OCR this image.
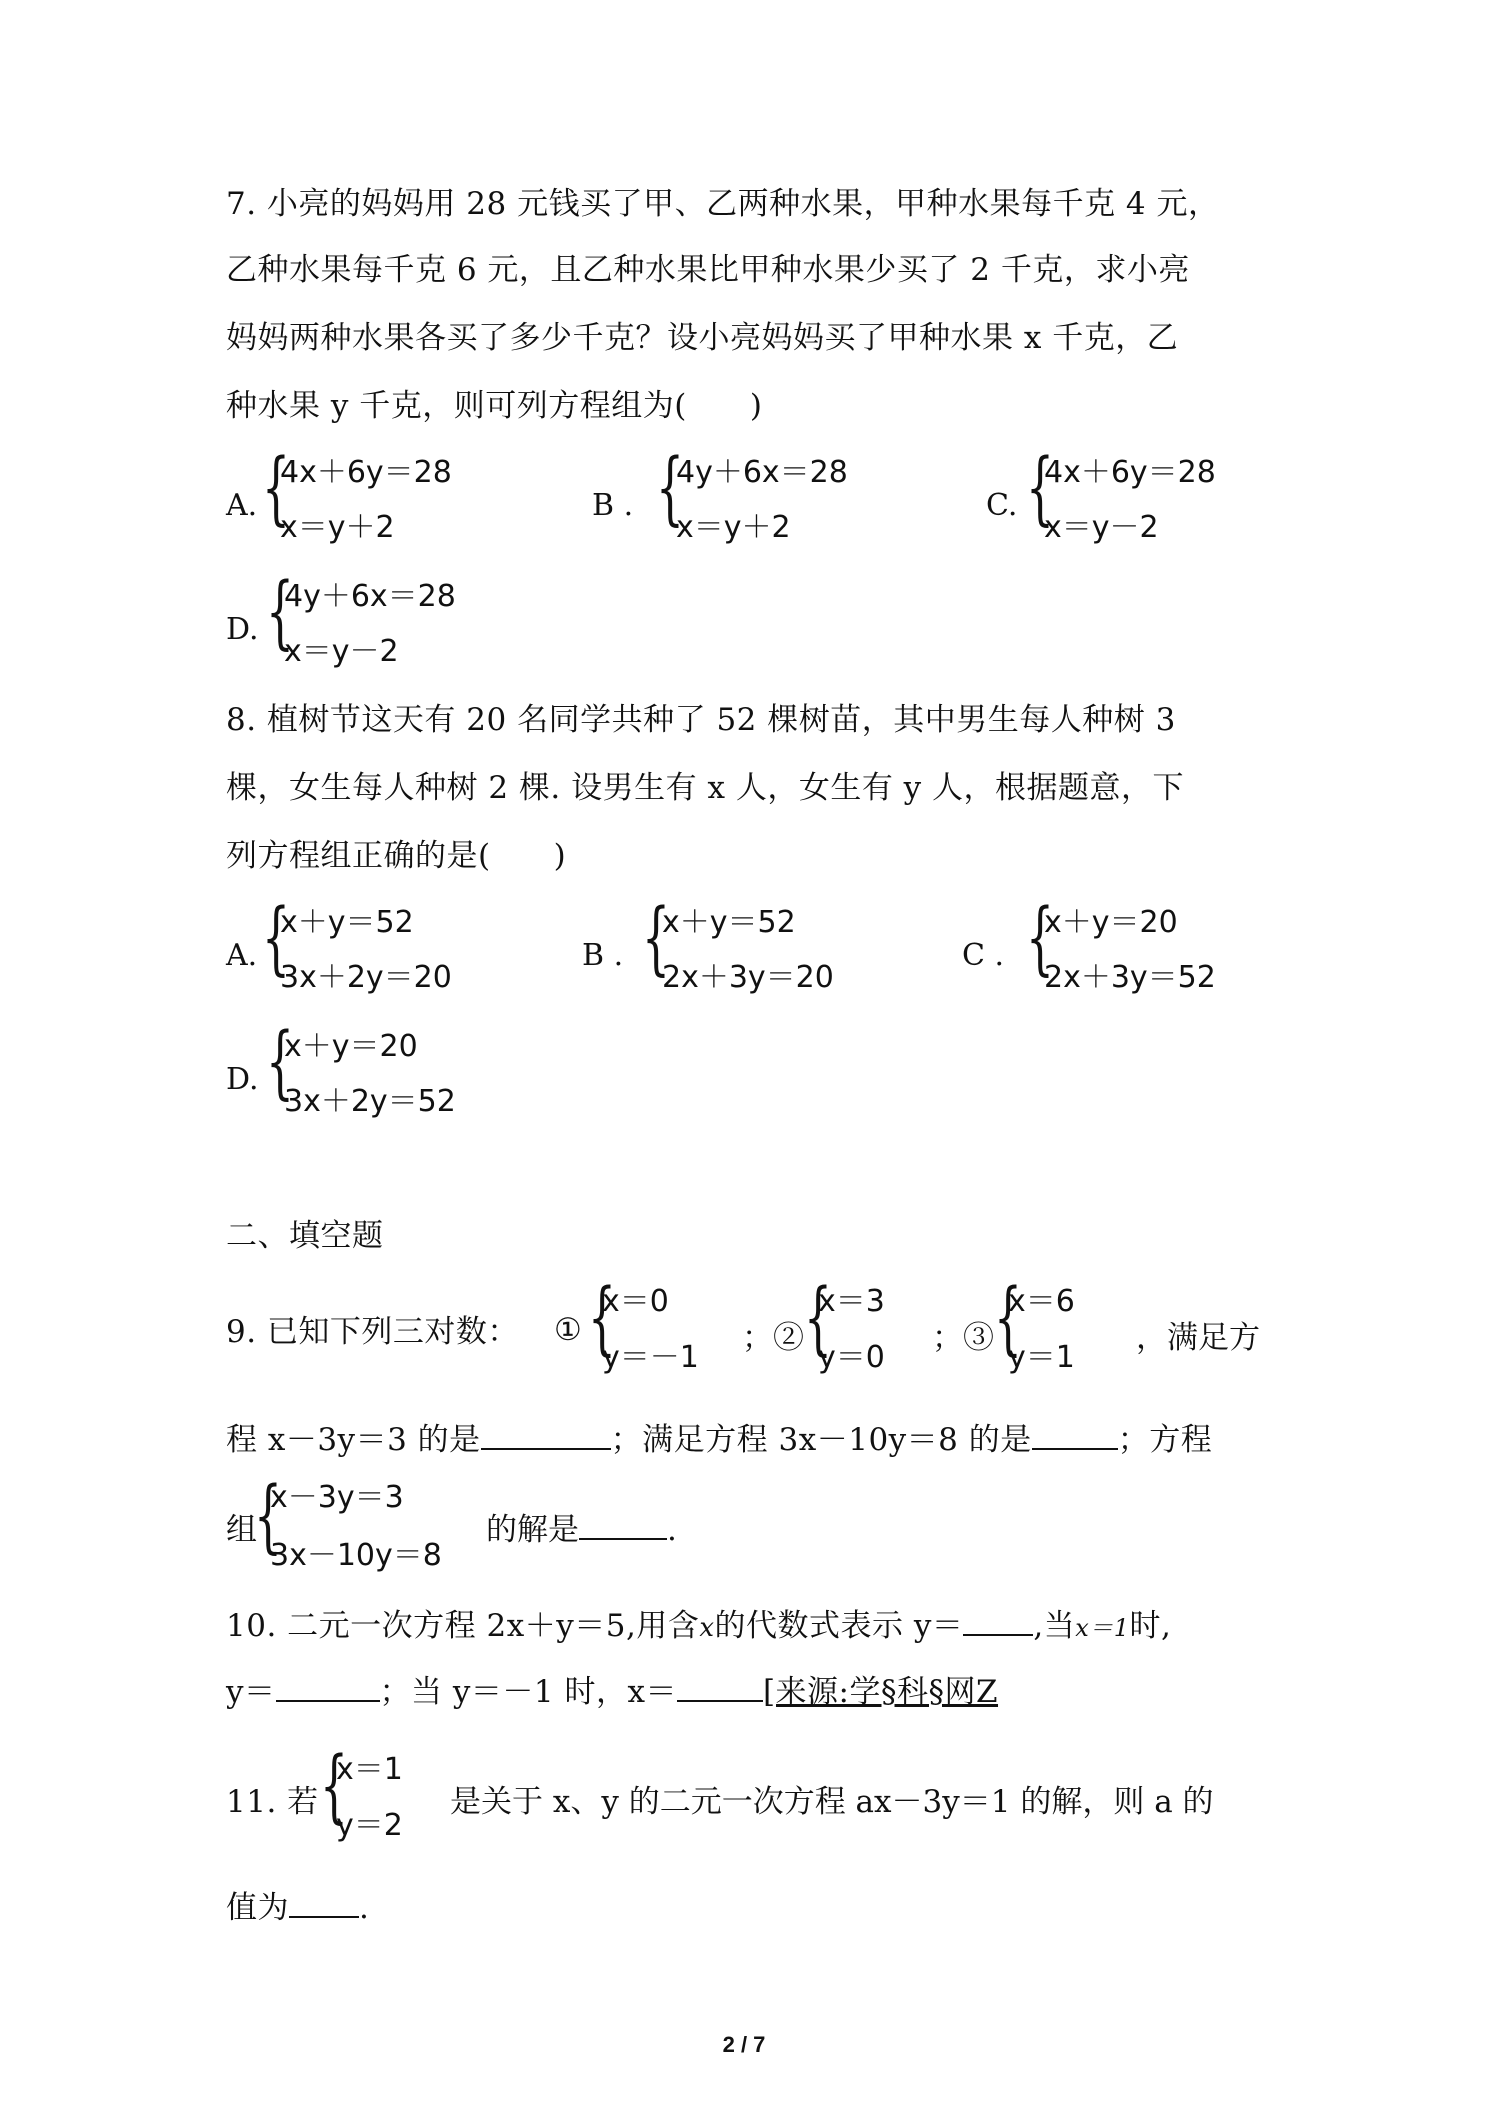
7. 小亮的妈妈用 28 元钱买了甲、乙两种水果，甲种水果每千克 4 元，
乙种水果每千克 6 元，且乙种水果比甲种水果少买了 2 千克，求小亮
妈妈两种水果各买了多少千克？设小亮妈妈买了甲种水果 x 千克，乙
种水果 y 千克，则可列方程组为(　　)
A. {
4x＋6y＝28
x＝y＋2
B . {
4y＋6x＝28
x＝y＋2
C. {
4x＋6y＝28
x＝y－2
D. {
4y＋6x＝28
x＝y－2
8. 植树节这天有 20 名同学共种了 52 棵树苗，其中男生每人种树 3
棵，女生每人种树 2 棵. 设男生有 x 人，女生有 y 人，根据题意，下
列方程组正确的是(　　)
A. {
x＋y＝52
3x＋2y＝20
B . {
x＋y＝52
2x＋3y＝20
C . {
x＋y＝20
2x＋3y＝52
D. {
x＋y＝20
3x＋2y＝52
二、填空题
9. 已知下列三对数： ① {
x＝0
y＝－1
；② {
x＝3
y＝0
；③ {
x＝6
y＝1
，满足方
程 x－3y＝3 的是	；满足方程 3x－10y＝8 的是	；方程
组
{
x－3y＝3
3x－10y＝8
的解是	.
10. 二元一次方程 2x＋y＝5,用含x的代数式表示 y＝ ,当x＝1时,
y＝	；当 y＝－1 时，x＝	[来源:学§科§网Z
11. 若 {
x＝1
y＝2
是关于 x、y 的二元一次方程 ax－3y＝1 的解，则 a 的
值为 .
2 / 7
